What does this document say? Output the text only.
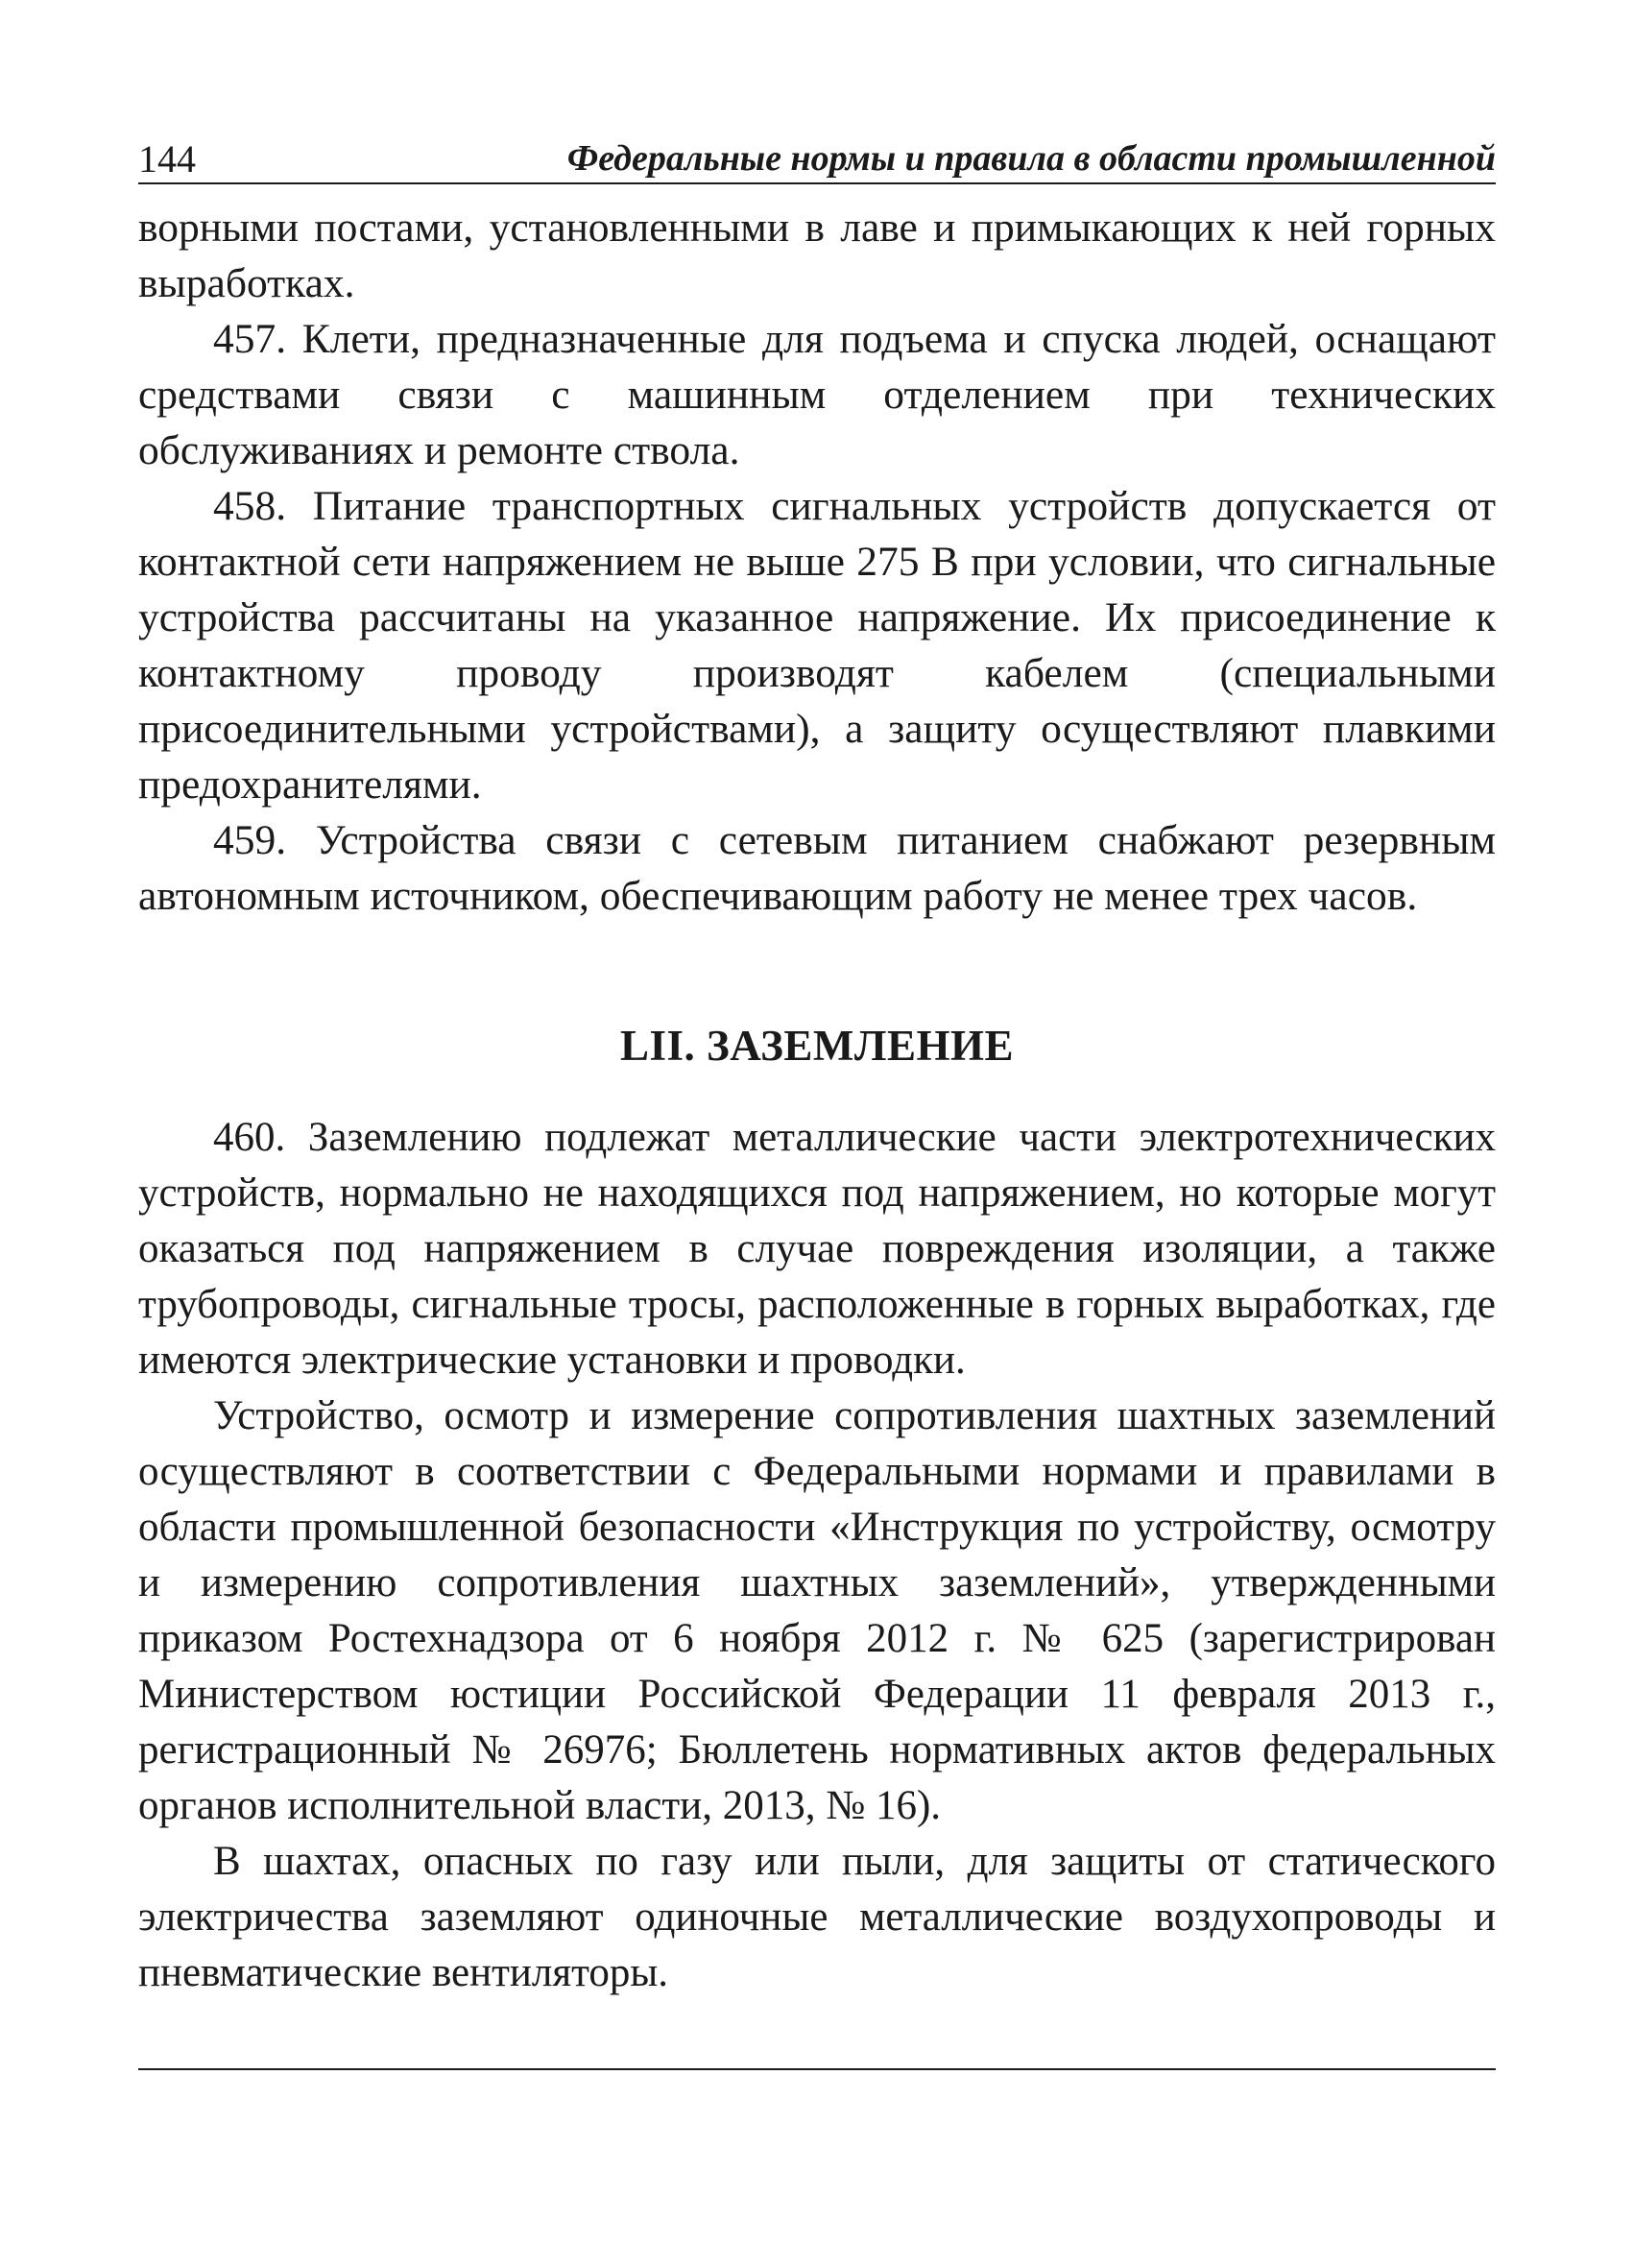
144	Федеральные нормы и правила в области промышленной

ворными постами, установленными в лаве и примыкающих к ней горных выработках.

457. Клети, предназначенные для подъема и спуска людей, оснащают средствами связи с машинным отделением при технических обслуживаниях и ремонте ствола.

458. Питание транспортных сигнальных устройств допускается от контактной сети напряжением не выше 275 В при условии, что сигнальные устройства рассчитаны на указанное напряжение. Их присоединение к контактному проводу производят кабелем (специальными присоединительными устройствами), а защиту осуществляют плавкими предохранителями.

459. Устройства связи с сетевым питанием снабжают резервным автономным источником, обеспечивающим работу не менее трех часов.

LII. ЗАЗЕМЛЕНИЕ

460. Заземлению подлежат металлические части электротехнических устройств, нормально не находящихся под напряжением, но которые могут оказаться под напряжением в случае повреждения изоляции, а также трубопроводы, сигнальные тросы, расположенные в горных выработках, где имеются электрические установки и проводки.

Устройство, осмотр и измерение сопротивления шахтных заземлений осуществляют в соответствии с Федеральными нормами и правилами в области промышленной безопасности «Инструкция по устройству, осмотру и измерению сопротивления шахтных заземлений», утвержденными приказом Ростехнадзора от 6 ноября 2012 г. № 625 (зарегистрирован Министерством юстиции Российской Федерации 11 февраля 2013 г., регистрационный № 26976; Бюллетень нормативных актов федеральных органов исполнительной власти, 2013, № 16).

В шахтах, опасных по газу или пыли, для защиты от статического электричества заземляют одиночные металлические воздухопроводы и пневматические вентиляторы.
